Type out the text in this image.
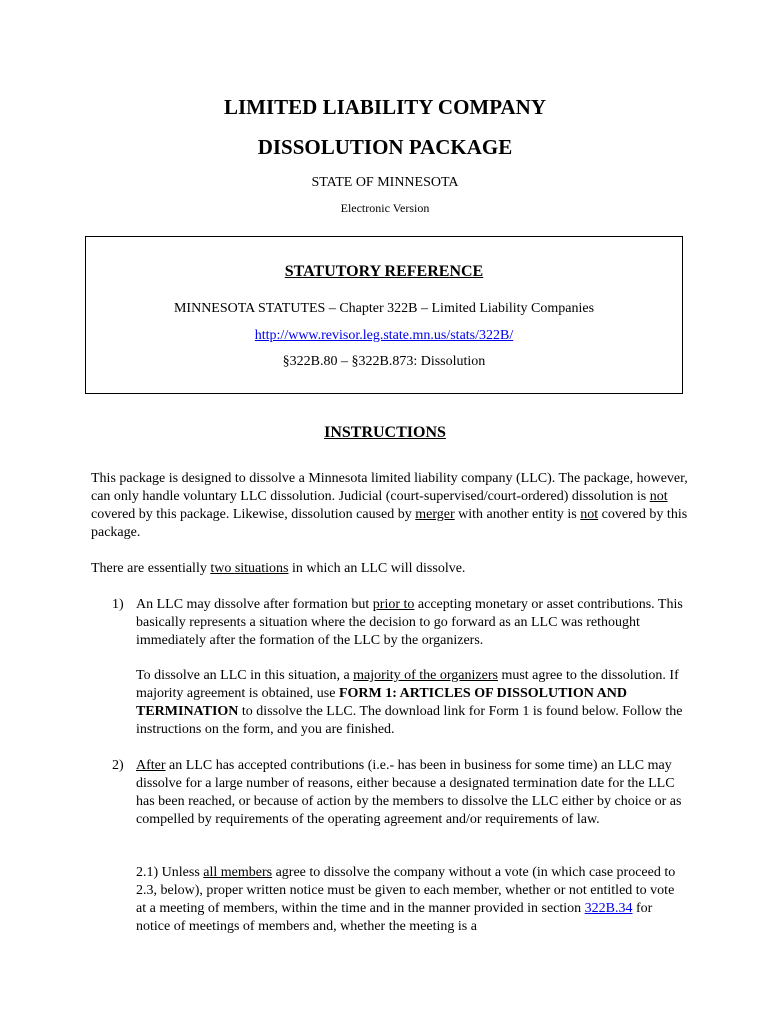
LIMITED LIABILITY COMPANY
DISSOLUTION PACKAGE
STATE OF MINNESOTA
Electronic Version
STATUTORY REFERENCE
MINNESOTA STATUTES – Chapter 322B – Limited Liability Companies
http://www.revisor.leg.state.mn.us/stats/322B/
§322B.80 – §322B.873: Dissolution
INSTRUCTIONS

This package is designed to dissolve a Minnesota limited liability company (LLC). The package, however, can only handle voluntary LLC dissolution. Judicial (court-supervised/court-ordered) dissolution is not covered by this package. Likewise, dissolution caused by merger with another entity is not covered by this package.

There are essentially two situations in which an LLC will dissolve.

1) An LLC may dissolve after formation but prior to accepting monetary or asset contributions. This basically represents a situation where the decision to go forward as an LLC was rethought immediately after the formation of the LLC by the organizers.

To dissolve an LLC in this situation, a majority of the organizers must agree to the dissolution. If majority agreement is obtained, use FORM 1: ARTICLES OF DISSOLUTION AND TERMINATION to dissolve the LLC. The download link for Form 1 is found below. Follow the instructions on the form, and you are finished.

2) After an LLC has accepted contributions (i.e.- has been in business for some time) an LLC may dissolve for a large number of reasons, either because a designated termination date for the LLC has been reached, or because of action by the members to dissolve the LLC either by choice or as compelled by requirements of the operating agreement and/or requirements of law.

2.1) Unless all members agree to dissolve the company without a vote (in which case proceed to 2.3, below), proper written notice must be given to each member, whether or not entitled to vote at a meeting of members, within the time and in the manner provided in section 322B.34 for notice of meetings of members and, whether the meeting is a
